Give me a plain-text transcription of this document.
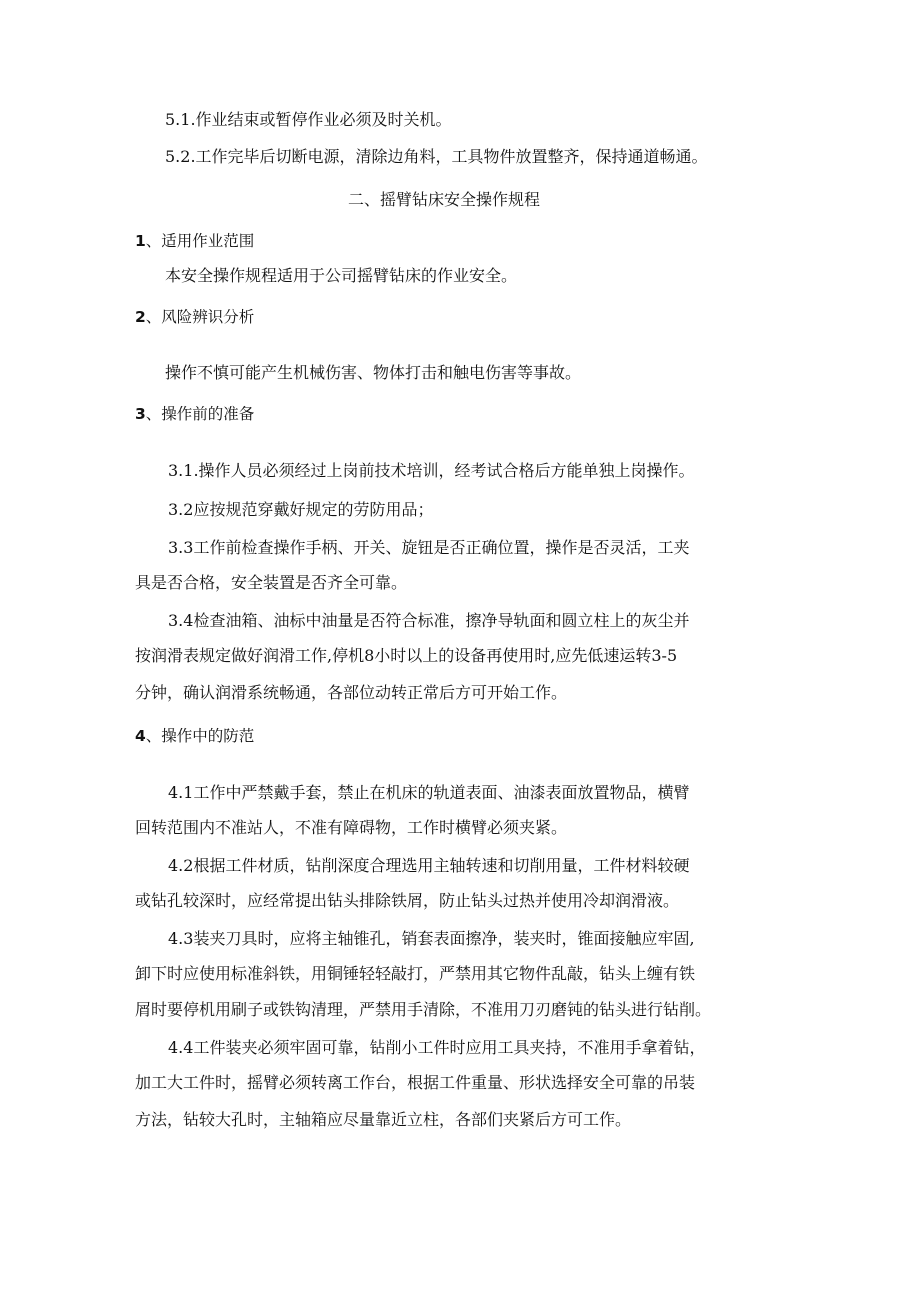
5.1.作业结束或暂停作业必须及时关机。
5.2.工作完毕后切断电源，清除边角料，工具物件放置整齐，保持通道畅通。
二、摇臂钻床安全操作规程
1、适用作业范围
本安全操作规程适用于公司摇臂钻床的作业安全。
2、风险辨识分析
操作不慎可能产生机械伤害、物体打击和触电伤害等事故。
3、操作前的准备
3.1.操作人员必须经过上岗前技术培训，经考试合格后方能单独上岗操作。
3.2应按规范穿戴好规定的劳防用品；
3.3工作前检查操作手柄、开关、旋钮是否正确位置，操作是否灵活，工夹
具是否合格，安全装置是否齐全可靠。
3.4检查油箱、油标中油量是否符合标准，擦净导轨面和圆立柱上的灰尘并
按润滑表规定做好润滑工作,停机8小时以上的设备再使用时,应先低速运转3-5
分钟，确认润滑系统畅通，各部位动转正常后方可开始工作。
4、操作中的防范
4.1工作中严禁戴手套，禁止在机床的轨道表面、油漆表面放置物品，横臂
回转范围内不准站人，不准有障碍物，工作时横臂必须夹紧。
4.2根据工件材质，钻削深度合理选用主轴转速和切削用量，工件材料较硬
或钻孔较深时，应经常提出钻头排除铁屑，防止钻头过热并使用冷却润滑液。
4.3装夹刀具时，应将主轴锥孔，销套表面擦净，装夹时，锥面接触应牢固,
卸下时应使用标准斜铁，用铜锤轻轻敲打，严禁用其它物件乱敲，钻头上缠有铁
屑时要停机用刷子或铁钩清理，严禁用手清除，不准用刀刃磨钝的钻头进行钻削。
4.4工件装夹必须牢固可靠，钻削小工件时应用工具夹持，不准用手拿着钻，
加工大工件时，摇臂必须转离工作台，根据工件重量、形状选择安全可靠的吊装
方法，钻较大孔时，主轴箱应尽量靠近立柱，各部们夹紧后方可工作。
